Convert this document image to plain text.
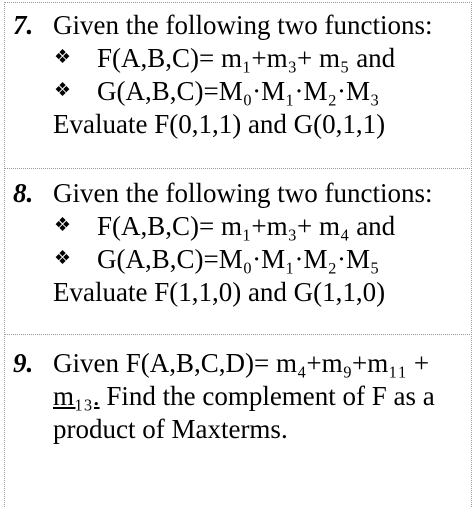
7. Given the following two functions:
❖ F(A,B,C)= m₁+m₃+ m₅ and
❖ G(A,B,C)=M₀·M₁·M₂·M₃
Evaluate F(0,1,1) and G(0,1,1)
8. Given the following two functions:
❖ F(A,B,C)= m₁+m₃+ m₄ and
❖ G(A,B,C)=M₀·M₁·M₂·M₅
Evaluate F(1,1,0) and G(1,1,0)
9. Given F(A,B,C,D)= m₄+m₉+m₁₁ +
m₁₃. Find the complement of F as a
product of Maxterms.
